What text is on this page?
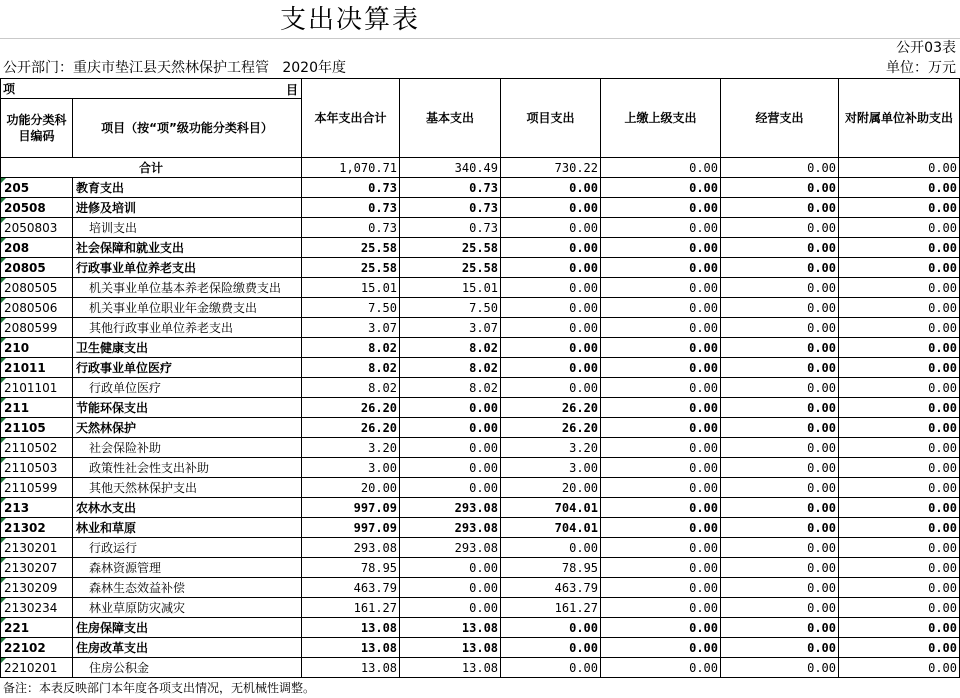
支出决算表
公开03表
公开部门：重庆市垫江县天然林保护工程管   2020年度	单位：万元
项 目		本年支出合计	基本支出	项目支出	上缴上级支出	经营支出	对附属单位补助支出
功能分类科目编码	项目（按“项”级功能分类科目）						
合计		1,070.71	340.49	730.22	0.00	0.00	0.00
205	教育支出	0.73	0.73	0.00	0.00	0.00	0.00
20508	进修及培训	0.73	0.73	0.00	0.00	0.00	0.00
2050803	培训支出	0.73	0.73	0.00	0.00	0.00	0.00
208	社会保障和就业支出	25.58	25.58	0.00	0.00	0.00	0.00
20805	行政事业单位养老支出	25.58	25.58	0.00	0.00	0.00	0.00
2080505	机关事业单位基本养老保险缴费支出	15.01	15.01	0.00	0.00	0.00	0.00
2080506	机关事业单位职业年金缴费支出	7.50	7.50	0.00	0.00	0.00	0.00
2080599	其他行政事业单位养老支出	3.07	3.07	0.00	0.00	0.00	0.00
210	卫生健康支出	8.02	8.02	0.00	0.00	0.00	0.00
21011	行政事业单位医疗	8.02	8.02	0.00	0.00	0.00	0.00
2101101	行政单位医疗	8.02	8.02	0.00	0.00	0.00	0.00
211	节能环保支出	26.20	0.00	26.20	0.00	0.00	0.00
21105	天然林保护	26.20	0.00	26.20	0.00	0.00	0.00
2110502	社会保险补助	3.20	0.00	3.20	0.00	0.00	0.00
2110503	政策性社会性支出补助	3.00	0.00	3.00	0.00	0.00	0.00
2110599	其他天然林保护支出	20.00	0.00	20.00	0.00	0.00	0.00
213	农林水支出	997.09	293.08	704.01	0.00	0.00	0.00
21302	林业和草原	997.09	293.08	704.01	0.00	0.00	0.00
2130201	行政运行	293.08	293.08	0.00	0.00	0.00	0.00
2130207	森林资源管理	78.95	0.00	78.95	0.00	0.00	0.00
2130209	森林生态效益补偿	463.79	0.00	463.79	0.00	0.00	0.00
2130234	林业草原防灾减灾	161.27	0.00	161.27	0.00	0.00	0.00
221	住房保障支出	13.08	13.08	0.00	0.00	0.00	0.00
22102	住房改革支出	13.08	13.08	0.00	0.00	0.00	0.00
2210201	住房公积金	13.08	13.08	0.00	0.00	0.00	0.00
备注：本表反映部门本年度各项支出情况，无机械性调整。
